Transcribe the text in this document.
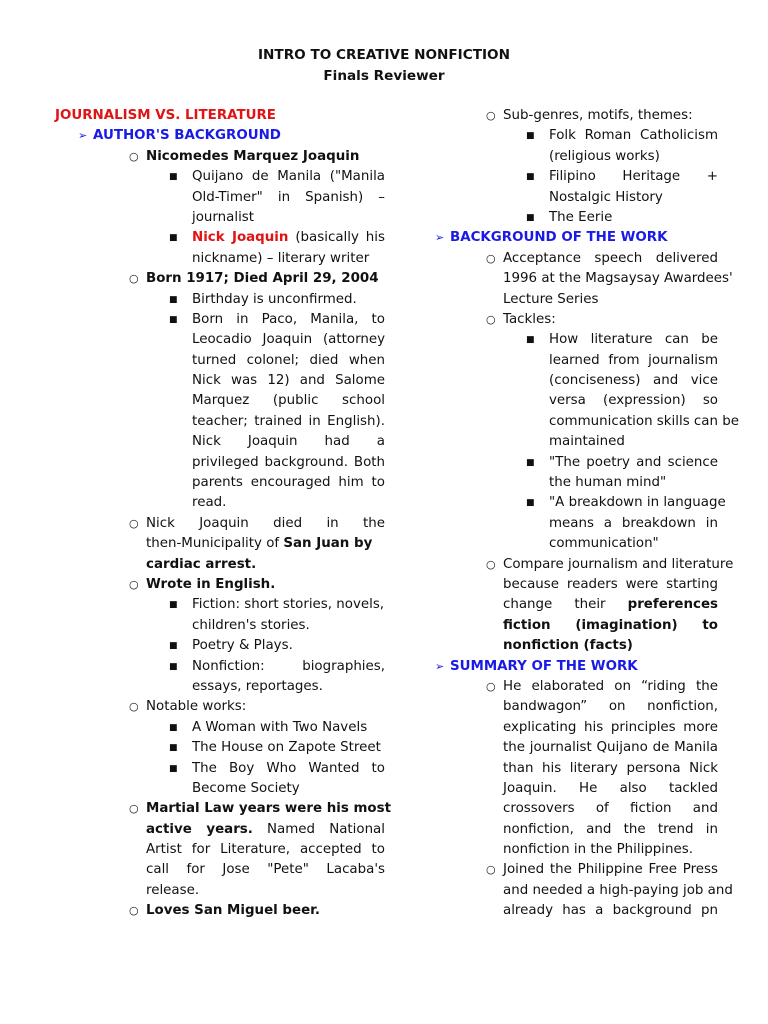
INTRO TO CREATIVE NONFICTION
Finals Reviewer
JOURNALISM VS. LITERATURE
➢ AUTHOR'S BACKGROUND
○ Nicomedes Marquez Joaquin
■ Quijano de Manila ("Manila
Old-Timer" in Spanish) –
journalist
■ Nick Joaquin (basically his
nickname) – literary writer
○ Born 1917; Died April 29, 2004
■ Birthday is unconfirmed.
■ Born in Paco, Manila, to
Leocadio Joaquin (attorney
turned colonel; died when
Nick was 12) and Salome
Marquez (public school
teacher; trained in English).
Nick Joaquin had a
privileged background. Both
parents encouraged him to
read.
○ Nick Joaquin died in the
then-Municipality of San Juan by
cardiac arrest.
○ Wrote in English.
■ Fiction: short stories, novels,
children's stories.
■ Poetry & Plays.
■ Nonfiction: biographies,
essays, reportages.
○ Notable works:
■ A Woman with Two Navels
■ The House on Zapote Street
■ The Boy Who Wanted to
Become Society
○ Martial Law years were his most
active years. Named National
Artist for Literature, accepted to
call for Jose "Pete" Lacaba's
release.
○ Loves San Miguel beer.
○ Sub-genres, motifs, themes:
■ Folk Roman Catholicism
(religious works)
■ Filipino Heritage +
Nostalgic History
■ The Eerie
➢ BACKGROUND OF THE WORK
○ Acceptance speech delivered
1996 at the Magsaysay Awardees'
Lecture Series
○ Tackles:
■ How literature can be
learned from journalism
(conciseness) and vice
versa (expression) so
communication skills can be
maintained
■ "The poetry and science
the human mind"
■ "A breakdown in language
means a breakdown in
communication"
○ Compare journalism and literature
because readers were starting
change their preferences
fiction (imagination) to
nonfiction (facts)
➢ SUMMARY OF THE WORK
○ He elaborated on “riding the
bandwagon” on nonfiction,
explicating his principles more
the journalist Quijano de Manila
than his literary persona Nick
Joaquin. He also tackled
crossovers of fiction and
nonfiction, and the trend in
nonfiction in the Philippines.
○ Joined the Philippine Free Press
and needed a high-paying job and
already has a background pn
